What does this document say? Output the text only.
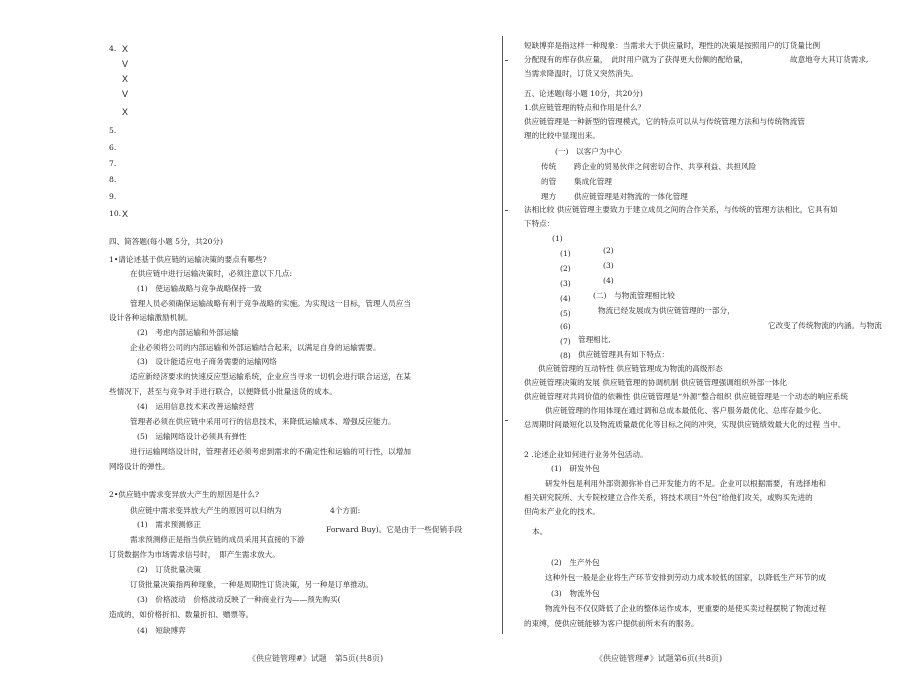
4. X
V
X
V
X
5.
6.
7.
8.
9.
10. X
四、简答题(每小题 5分，共20分)
1•请论述基于供应链的运输决策的要点有哪些?
在供应链中进行运输决策时，必须注意以下几点:
(1)　使运输战略与竞争战略保持一致
管理人员必须确保运输战略有利于竞争战略的实施。为实现这一目标，管理人员应当
设计各种运输激励机制。
(2)　考虑内部运输和外部运输
企业必须将公司的内部运输和外部运输结合起来，以满足自身的运输需要。
(3)　设计能适应电子商务需要的运输网络
适应新经济要求的快速反应型运输系统，企业应当寻求一切机会进行联合运送，在某
些情况下，甚至与竞争对手进行联合，以便降低小批量送货的成本。
(4)　运用信息技术来改善运输经营
管理者必须在供应链中采用可行的信息技术，来降低运输成本、增强反应能力。
(5)　运输网络设计必须具有弹性
进行运输网络设计时，管理者还必须考虑到需求的不确定性和运输的可行性，以增加
网络设计的弹性。
2•供应链中需求变异放大产生的原因是什么?
供应链中需求变异放大产生的原因可以归纳为	4个方面:
(1)　需求预测修正
Forward Buy)。它是由于一些促销手段
需求预测修正是指当供应链的成员采用其直接的下游
订货数据作为市场需求信号时，　即产生需求放大。
(2)　订货批量决策
订货批量决策指两种现象，一种是周期性订货决策，另一种是订单推动。
(3)　价格波动　价格波动反映了一种商业行为——预先购买(
造成的，如价格折扣、数量折扣、赠票等。
(4)　短缺博弈
《供应链管理#》试题　第5页(共8页)
短缺博弈是指这样一种现象：当需求大于供应量时，理性的决策是按照用户的订货量比例
分配现有的库存供应量，　此时用户就为了获得更大份额的配给量，	故意地夸大其订货需求,
当需求降温时，订货又突然消失。
五、论述题(每小题 10分，共20分)
1.供应链管理的特点和作用是什么？
供应链管理是一种新型的管理模式，它的特点可以从与传统管理方法和与传统物流管
理的比较中显现出来。
(一)　以客户为中心
传统 跨企业的贸易伙伴之间密切合作、共享利益、共担风险
的管 集成化管理
理方 供应链管理是对物流的一体化管理
法相比较 供应链管理主要致力于建立成员之间的合作关系，与传统的管理方法相比，它具有如
下特点：
(1)
(1)
(2)
(3)
(4)
(5)
(6)
(7)
(8)
(2)
(3)
(4)
(二)　与物流管理相比较
物流已经发展成为供应链管理的一部分，
它改变了传统物流的内涵。与物流
管理相比,
供应链管理具有如下特点：
供应链管理的互动特性 供应链管理成为物流的高级形态
供应链管理决策的发展 供应链管理的协调机制 供应链管理强调组织外部一体化
供应链管理对共同价值的依赖性 供应链管理是“外源”整合组织 供应链管理是一个动态的响应系统
供应链管理的作用体现在通过调和总成本最低化、客户服务最优化、总库存最少化、
总周期时间最短化以及物流质量最优化等目标之间的冲突，实现供应链绩效最大化的过程 当中。
2 .论述企业如何进行业务外包活动。
(1)　研发外包
研发外包是利用外部资源弥补自己开发能力的不足。企业可以根据需要，有选择地和
相关研究院所、大专院校建立合作关系，将技术项目“外包”给他们攻关，或购买先进的
但尚未产业化的技术。
本。
(2)　生产外包
这种外包一般是企业将生产环节安排到劳动力成本较低的国家，以降低生产环节的成
(3)　物流外包
物流外包不仅仅降低了企业的整体运作成本，更重要的是使买卖过程摆脱了物流过程
的束缚，使供应链能够为客户提供前所未有的服务。
《供应链管理#》试题第6页(共8页)
